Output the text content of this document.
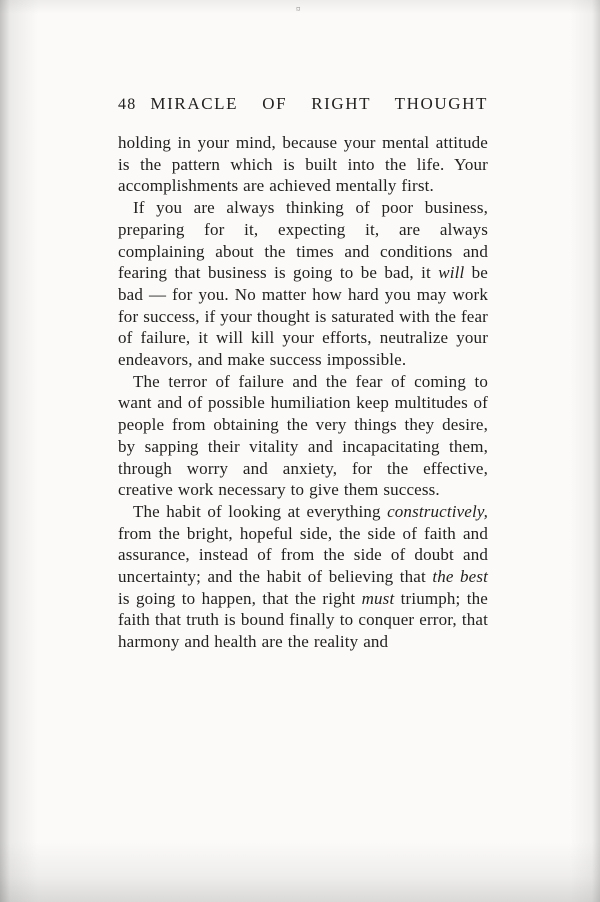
¤
48 MIRACLE OF RIGHT THOUGHT

holding in your mind, because your mental attitude is the pattern which is built into the life. Your accomplishments are achieved mentally first.

If you are always thinking of poor business, preparing for it, expecting it, are always complaining about the times and conditions and fearing that business is going to be bad, it will be bad — for you. No matter how hard you may work for success, if your thought is saturated with the fear of failure, it will kill your efforts, neutralize your endeavors, and make success impossible.

The terror of failure and the fear of coming to want and of possible humiliation keep multitudes of people from obtaining the very things they desire, by sapping their vitality and incapacitating them, through worry and anxiety, for the effective, creative work necessary to give them success.

The habit of looking at everything constructively, from the bright, hopeful side, the side of faith and assurance, instead of from the side of doubt and uncertainty; and the habit of believing that the best is going to happen, that the right must triumph; the faith that truth is bound finally to conquer error, that harmony and health are the reality and
